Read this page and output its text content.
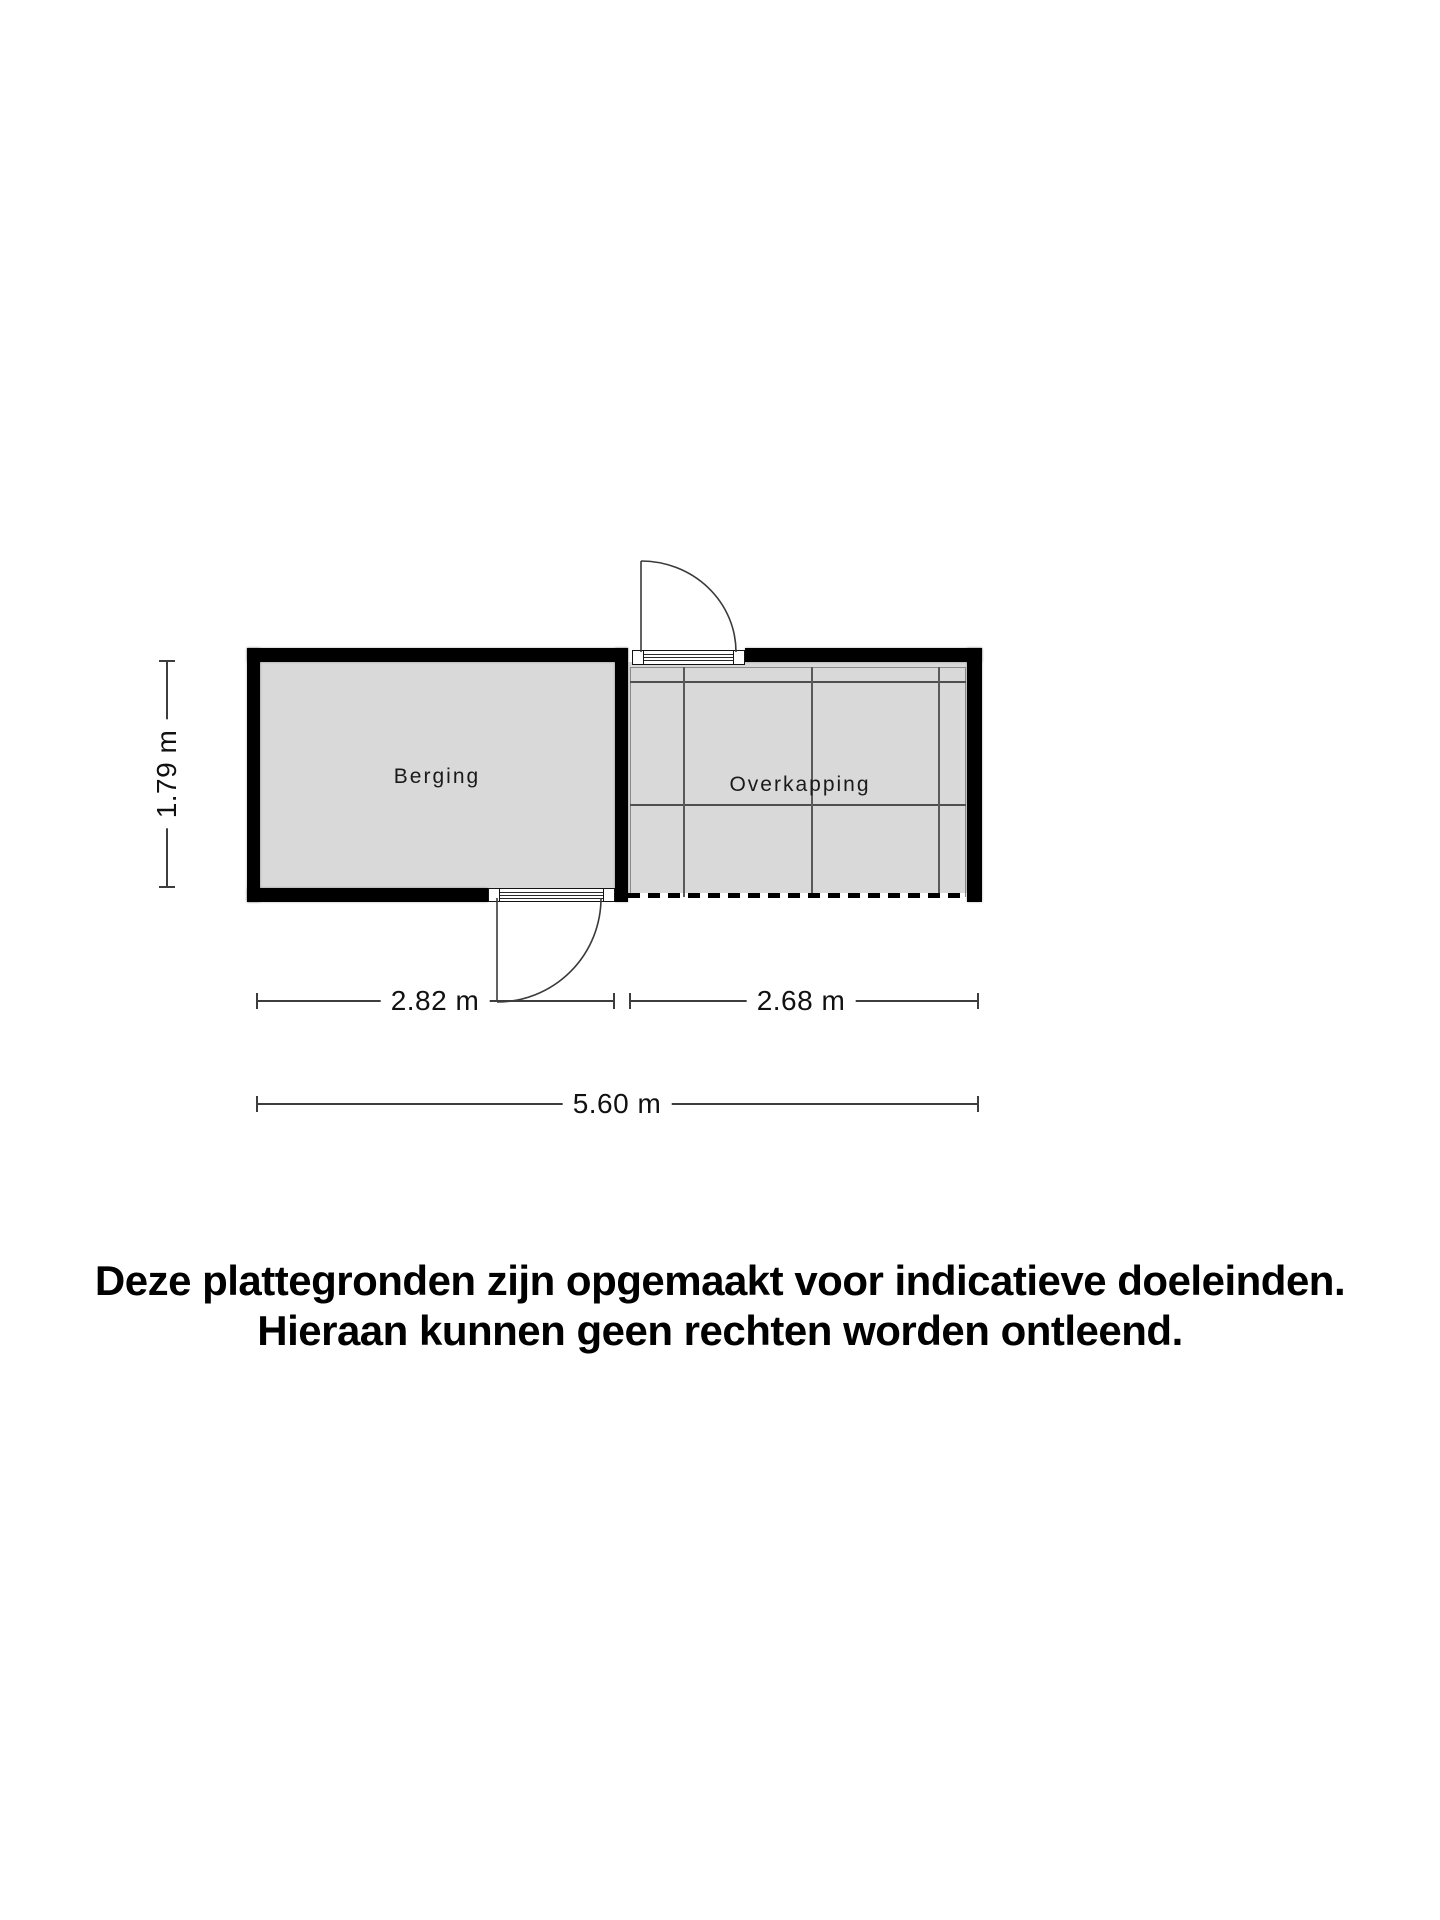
Berging	Overkapping
1.79 m
2.82 m	2.68 m
5.60 m
Deze plattegronden zijn opgemaakt voor indicatieve doeleinden.
Hieraan kunnen geen rechten worden ontleend.
